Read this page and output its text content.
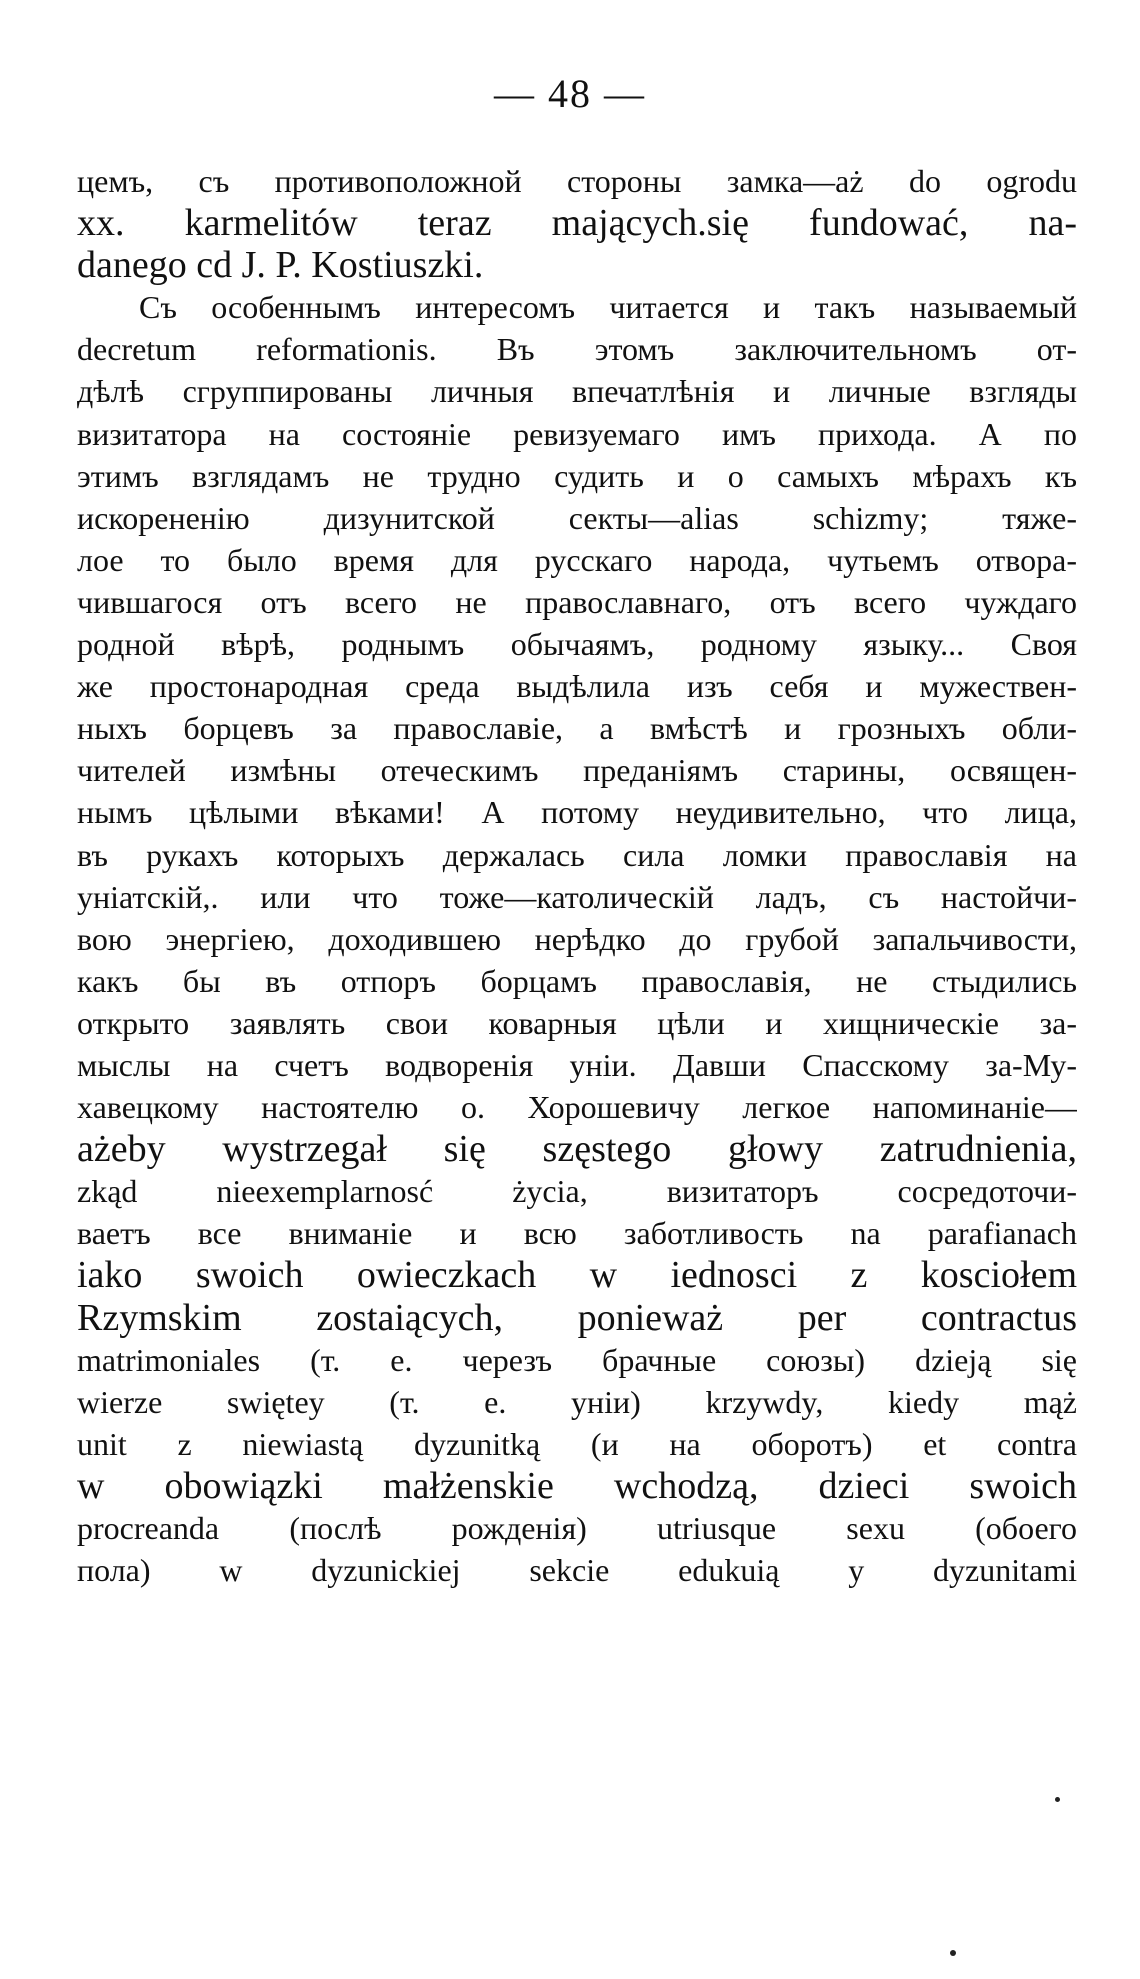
— 48 —
цемъ, съ противоположной стороны замка—aż do ogrodu
xx. karmelitów teraz mających.się fundować, na-
danego cd J. P. Kostiuszki.
Съ особеннымъ интересомъ читается и такъ называемый
decretum reformationis. Въ этомъ заключительномъ от-
дѣлѣ сгруппированы личныя впечатлѣнія и личные взгляды
визитатора на состояніе ревизуемаго имъ прихода. А по
этимъ взглядамъ не трудно судить и о самыхъ мѣрахъ къ
искорененію дизунитской секты—alias schizmy; тяже-
лое то было время для русскаго народа, чутьемъ отвора-
чившагося отъ всего не православнаго, отъ всего чуждаго
родной вѣрѣ, роднымъ обычаямъ, родному языку... Своя
же простонародная среда выдѣлила изъ себя и мужествен-
ныхъ борцевъ за православіе, а вмѣстѣ и грозныхъ обли-
чителей измѣны отеческимъ преданіямъ старины, освящен-
нымъ цѣлыми вѣками! А потому неудивительно, что лица,
въ рукахъ которыхъ держалась сила ломки православія на
уніатскій,. или что тоже—католическій ладъ, съ настойчи-
вою энергіею, доходившею нерѣдко до грубой запальчивости,
какъ бы въ отпоръ борцамъ православія, не стыдились
открыто заявлять свои коварныя цѣли и хищническіе за-
мыслы на счетъ водворенія уніи. Давши Спасскому за-Му-
хавецкому настоятелю о. Хорошевичу легкое напоминаніе—
ażeby wystrzegał się szęstego głowy zatrudnienia,
zkąd nieexemplarnosć życia, визитаторъ сосредоточи-
ваетъ все вниманіе и всю заботливость na parafianach
iako swoich owieczkach w iednosci z kosciołem
Rzymskim zostaiących, ponieważ per contractus
matrimoniales (т. е. черезъ брачные союзы) dzieją się
wierze swiętey (т. е. уніи) krzywdy, kiedy mąż
unit z niewiastą dyzunitką (и на оборотъ) et contra
w obowiązki małżenskie wchodzą, dzieci swoich
procreanda (послѣ рожденія) utriusque sexu (обоего
пола) w dyzunickiej sekcie edukuią y dyzunitami
